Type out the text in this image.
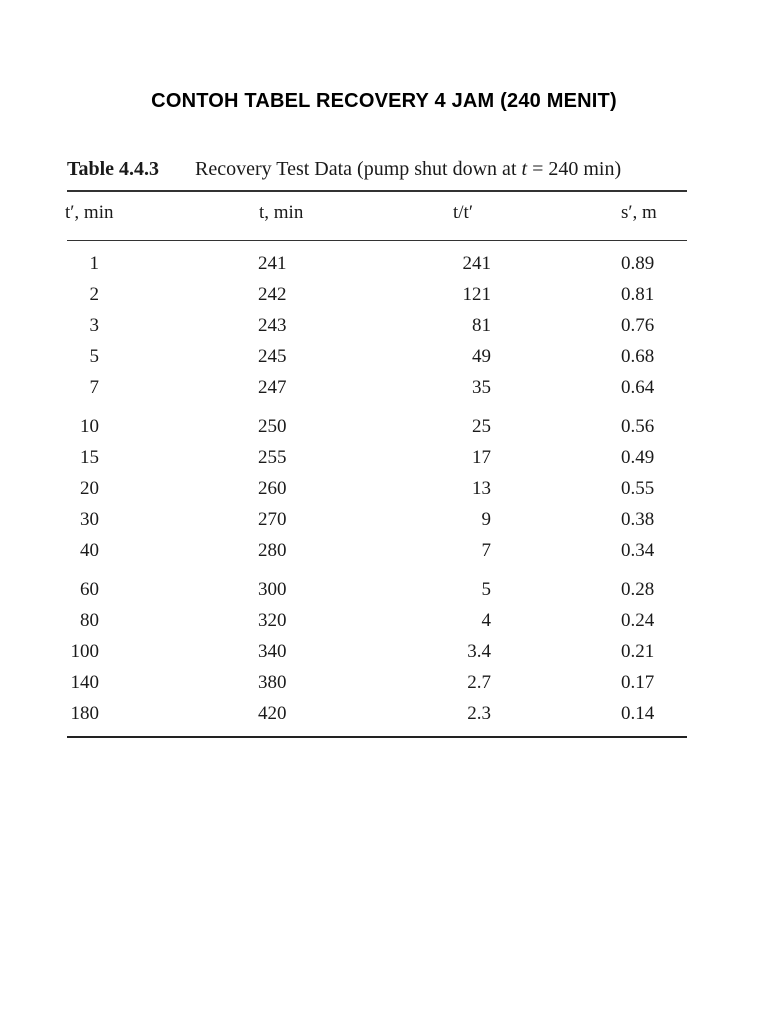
CONTOH TABEL RECOVERY 4 JAM (240 MENIT)
Table 4.4.3	Recovery Test Data (pump shut down at t = 240 min)
t′, min	t, min	t/t′	s′, m
1	241	241	0.89
2	242	121	0.81
3	243	81	0.76
5	245	49	0.68
7	247	35	0.64
10	250	25	0.56
15	255	17	0.49
20	260	13	0.55
30	270	9	0.38
40	280	7	0.34
60	300	5	0.28
80	320	4	0.24
100	340	3.4	0.21
140	380	2.7	0.17
180	420	2.3	0.14
